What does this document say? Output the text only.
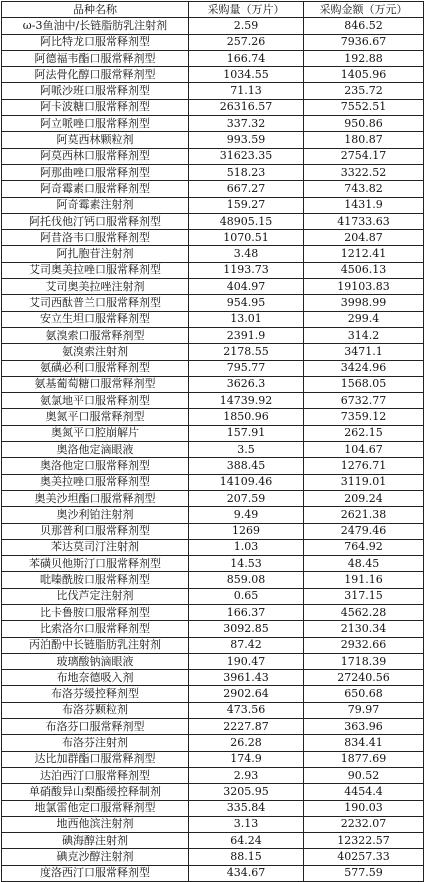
品种名称	采购量（万片）	采购金额（万元）
ω-3鱼油中/长链脂肪乳注射剂	2.59	846.52
阿比特龙口服常释剂型	257.26	7936.67
阿德福韦酯口服常释剂型	166.74	192.88
阿法骨化醇口服常释剂型	1034.55	1405.96
阿哌沙班口服常释剂型	71.13	235.72
阿卡波糖口服常释剂型	26316.57	7552.51
阿立哌唑口服常释剂型	337.32	950.86
阿莫西林颗粒剂	993.59	180.87
阿莫西林口服常释剂型	31623.35	2754.17
阿那曲唑口服常释剂型	518.23	3322.52
阿奇霉素口服常释剂型	667.27	743.82
阿奇霉素注射剂	159.27	1431.9
阿托伐他汀钙口服常释剂型	48905.15	41733.63
阿昔洛韦口服常释剂型	1070.51	204.87
阿扎胞苷注射剂	3.48	1212.41
艾司奥美拉唑口服常释剂型	1193.73	4506.13
艾司奥美拉唑注射剂	404.97	19103.83
艾司西酞普兰口服常释剂型	954.95	3998.99
安立生坦口服常释剂型	13.01	299.4
氨溴索口服常释剂型	2391.9	314.2
氨溴索注射剂	2178.55	3471.1
氨磺必利口服常释剂型	795.77	3424.96
氨基葡萄糖口服常释剂型	3626.3	1568.05
氨氯地平口服常释剂型	14739.92	6732.77
奥氮平口服常释剂型	1850.96	7359.12
奥氮平口腔崩解片	157.91	262.15
奥洛他定滴眼液	3.5	104.67
奥洛他定口服常释剂型	388.45	1276.71
奥美拉唑口服常释剂型	14109.46	3119.01
奥美沙坦酯口服常释剂型	207.59	209.24
奥沙利铂注射剂	9.49	2621.38
贝那普利口服常释剂型	1269	2479.46
苯达莫司汀注射剂	1.03	764.92
苯磺贝他斯汀口服常释剂型	14.53	48.45
吡嗪酰胺口服常释剂型	859.08	191.16
比伐芦定注射剂	0.65	317.15
比卡鲁胺口服常释剂型	166.37	4562.28
比索洛尔口服常释剂型	3092.85	2130.34
丙泊酚中长链脂肪乳注射剂	87.42	2932.66
玻璃酸钠滴眼液	190.47	1718.39
布地奈德吸入剂	3961.43	27240.56
布洛芬缓控释剂型	2902.64	650.68
布洛芬颗粒剂	473.56	79.97
布洛芬口服常释剂型	2227.87	363.96
布洛芬注射剂	26.28	834.41
达比加群酯口服常释剂型	174.9	1877.69
达泊西汀口服常释剂型	2.93	90.52
单硝酸异山梨酯缓控释制剂	3205.95	4454.4
地氯雷他定口服常释剂型	335.84	190.03
地西他滨注射剂	3.13	2232.07
碘海醇注射剂	64.24	12322.57
碘克沙醇注射剂	88.15	40257.33
度洛西汀口服常释剂型	434.67	577.59
